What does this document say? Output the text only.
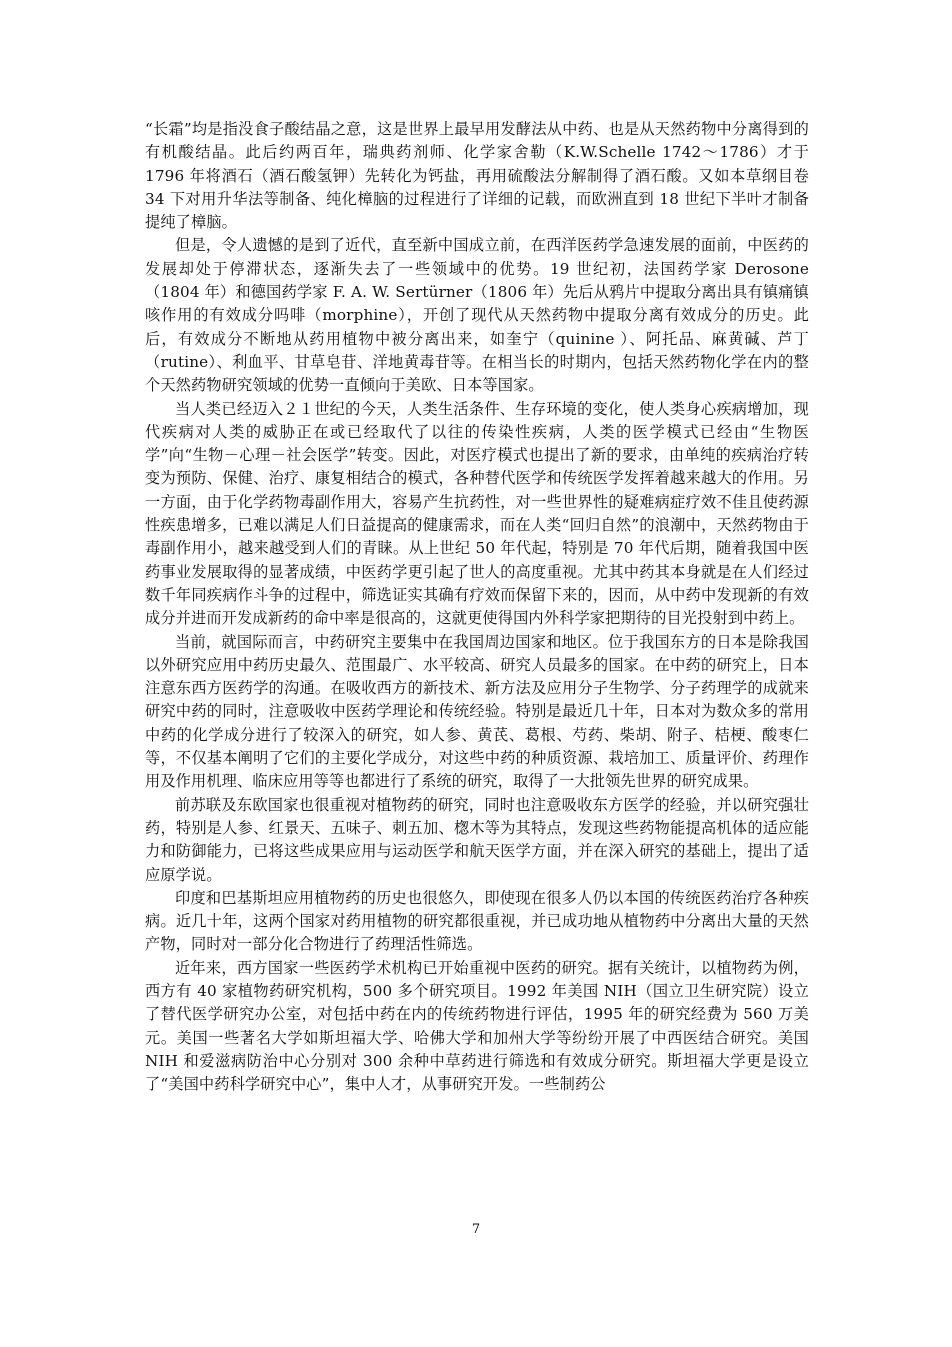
“长霜”均是指没食子酸结晶之意，这是世界上最早用发酵法从中药、也是从天然药物中分离得到的有机酸结晶。此后约两百年，瑞典药剂师、化学家舍勒（K.W.Schelle 1742～1786）才于 1796 年将酒石（酒石酸氢钾）先转化为钙盐，再用硫酸法分解制得了酒石酸。又如本草纲目卷 34 下对用升华法等制备、纯化樟脑的过程进行了详细的记载，而欧洲直到 18 世纪下半叶才制备提纯了樟脑。

但是，令人遗憾的是到了近代，直至新中国成立前，在西洋医药学急速发展的面前，中医药的发展却处于停滞状态，逐渐失去了一些领域中的优势。19 世纪初，法国药学家 Derosone（1804 年）和德国药学家 F. A. W. Sertürner（1806 年）先后从鸦片中提取分离出具有镇痛镇咳作用的有效成分吗啡（morphine），开创了现代从天然药物中提取分离有效成分的历史。此后，有效成分不断地从药用植物中被分离出来，如奎宁（quinine ）、阿托品、麻黄碱、芦丁（rutine）、利血平、甘草皂苷、洋地黄毒苷等。在相当长的时期内，包括天然药物化学在内的整个天然药物研究领域的优势一直倾向于美欧、日本等国家。

当人类已经迈入２１世纪的今天，人类生活条件、生存环境的变化，使人类身心疾病增加，现代疾病对人类的威胁正在或已经取代了以往的传染性疾病，人类的医学模式已经由“生物医学”向“生物－心理－社会医学”转变。因此，对医疗模式也提出了新的要求，由单纯的疾病治疗转变为预防、保健、治疗、康复相结合的模式，各种替代医学和传统医学发挥着越来越大的作用。另一方面，由于化学药物毒副作用大，容易产生抗药性，对一些世界性的疑难病症疗效不佳且使药源性疾患增多，已难以满足人们日益提高的健康需求，而在人类“回归自然”的浪潮中，天然药物由于毒副作用小，越来越受到人们的青睐。从上世纪 50 年代起，特别是 70 年代后期，随着我国中医药事业发展取得的显著成绩，中医药学更引起了世人的高度重视。尤其中药其本身就是在人们经过数千年同疾病作斗争的过程中，筛选证实其确有疗效而保留下来的，因而，从中药中发现新的有效成分并进而开发成新药的命中率是很高的，这就更使得国内外科学家把期待的目光投射到中药上。

当前，就国际而言，中药研究主要集中在我国周边国家和地区。位于我国东方的日本是除我国以外研究应用中药历史最久、范围最广、水平较高、研究人员最多的国家。在中药的研究上，日本注意东西方医药学的沟通。在吸收西方的新技术、新方法及应用分子生物学、分子药理学的成就来研究中药的同时，注意吸收中医药学理论和传统经验。特别是最近几十年，日本对为数众多的常用中药的化学成分进行了较深入的研究，如人参、黄芪、葛根、芍药、柴胡、附子、桔梗、酸枣仁等，不仅基本阐明了它们的主要化学成分，对这些中药的种质资源、栽培加工、质量评价、药理作用及作用机理、临床应用等等也都进行了系统的研究，取得了一大批领先世界的研究成果。

前苏联及东欧国家也很重视对植物药的研究，同时也注意吸收东方医学的经验，并以研究强壮药，特别是人参、红景天、五味子、刺五加、楤木等为其特点，发现这些药物能提高机体的适应能力和防御能力，已将这些成果应用与运动医学和航天医学方面，并在深入研究的基础上，提出了适应原学说。

印度和巴基斯坦应用植物药的历史也很悠久，即使现在很多人仍以本国的传统医药治疗各种疾病。近几十年，这两个国家对药用植物的研究都很重视，并已成功地从植物药中分离出大量的天然产物，同时对一部分化合物进行了药理活性筛选。

近年来，西方国家一些医药学术机构已开始重视中医药的研究。据有关统计，以植物药为例，西方有 40 家植物药研究机构，500 多个研究项目。1992 年美国 NIH（国立卫生研究院）设立了替代医学研究办公室，对包括中药在内的传统药物进行评估，1995 年的研究经费为 560 万美元。美国一些著名大学如斯坦福大学、哈佛大学和加州大学等纷纷开展了中西医结合研究。美国 NIH 和爱滋病防治中心分别对 300 余种中草药进行筛选和有效成分研究。斯坦福大学更是设立了“美国中药科学研究中心”，集中人才，从事研究开发。一些制药公

7
